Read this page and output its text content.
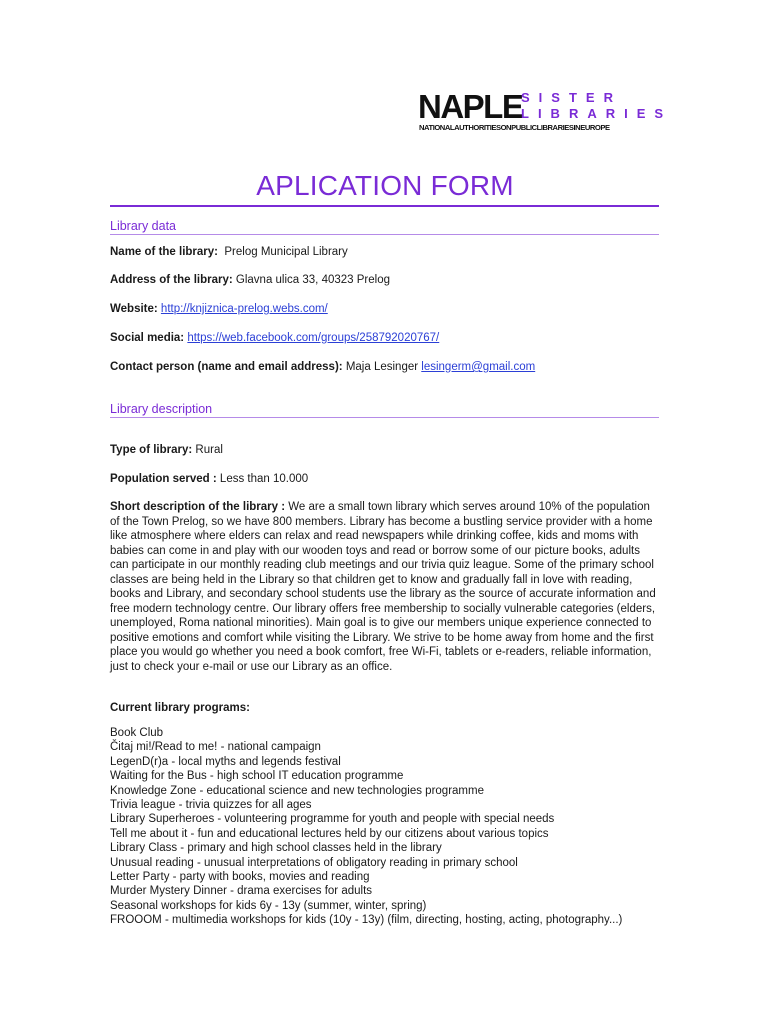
NAPLE
SISTER
LIBRARIES
NATIONALAUTHORITIESONPUBLICLIBRARIESINEUROPE
APLICATION FORM
Library data
Name of the library: Prelog Municipal Library
Address of the library: Glavna ulica 33, 40323 Prelog
Website: http://knjiznica-prelog.webs.com/
Social media: https://web.facebook.com/groups/258792020767/
Contact person (name and email address): Maja Lesinger lesingerm@gmail.com
Library description
Type of library: Rural
Population served : Less than 10.000
Short description of the library : We are a small town library which serves around 10% of the population of the Town Prelog, so we have 800 members. Library has become a bustling service provider with a home like atmosphere where elders can relax and read newspapers while drinking coffee, kids and moms with babies can come in and play with our wooden toys and read or borrow some of our picture books, adults can participate in our monthly reading club meetings and our trivia quiz league. Some of the primary school classes are being held in the Library so that children get to know and gradually fall in love with reading, books and Library, and secondary school students use the library as the source of accurate information and free modern technology centre. Our library offers free membership to socially vulnerable categories (elders, unemployed, Roma national minorities). Main goal is to give our members unique experience connected to positive emotions and comfort while visiting the Library. We strive to be home away from home and the first place you would go whether you need a book comfort, free Wi-Fi, tablets or e-readers, reliable information, just to check your e-mail or use our Library as an office.
Current library programs:
Book Club
Čitaj mi!/Read to me! - national campaign
LegenD(r)a - local myths and legends festival
Waiting for the Bus - high school IT education programme
Knowledge Zone - educational science and new technologies programme
Trivia league - trivia quizzes for all ages
Library Superheroes - volunteering programme for youth and people with special needs
Tell me about it - fun and educational lectures held by our citizens about various topics
Library Class - primary and high school classes held in the library
Unusual reading - unusual interpretations of obligatory reading in primary school
Letter Party - party with books, movies and reading
Murder Mystery Dinner - drama exercises for adults
Seasonal workshops for kids 6y - 13y (summer, winter, spring)
FROOOM - multimedia workshops for kids (10y - 13y) (film, directing, hosting, acting, photography...)
